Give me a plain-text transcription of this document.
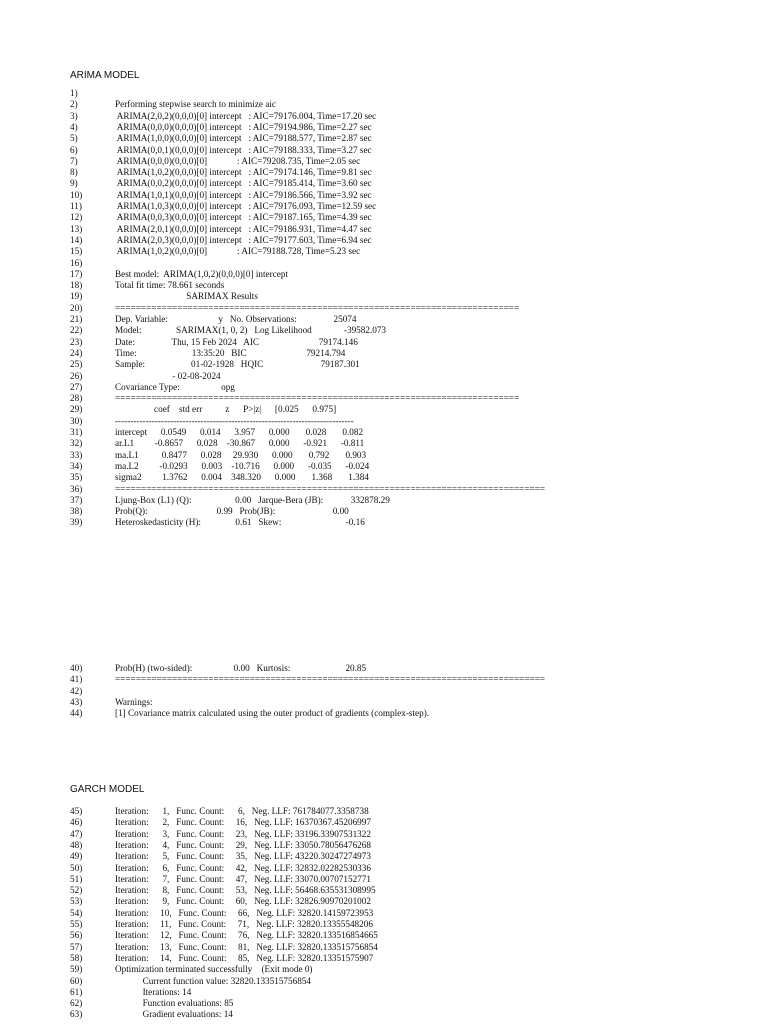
ARIMA MODEL
1)
2)	Performing stepwise search to minimize aic
3)	ARIMA(2,0,2)(0,0,0)[0] intercept   : AIC=79176.004, Time=17.20 sec
4)	ARIMA(0,0,0)(0,0,0)[0] intercept   : AIC=79194.986, Time=2.27 sec
5)	ARIMA(1,0,0)(0,0,0)[0] intercept   : AIC=79188.577, Time=2.87 sec
6)	ARIMA(0,0,1)(0,0,0)[0] intercept   : AIC=79188.333, Time=3.27 sec
7)	ARIMA(0,0,0)(0,0,0)[0]             : AIC=79208.735, Time=2.05 sec
8)	ARIMA(1,0,2)(0,0,0)[0] intercept   : AIC=79174.146, Time=9.81 sec
9)	ARIMA(0,0,2)(0,0,0)[0] intercept   : AIC=79185.414, Time=3.60 sec
10)	ARIMA(1,0,1)(0,0,0)[0] intercept   : AIC=79186.566, Time=3.92 sec
11)	ARIMA(1,0,3)(0,0,0)[0] intercept   : AIC=79176.093, Time=12.59 sec
12)	ARIMA(0,0,3)(0,0,0)[0] intercept   : AIC=79187.165, Time=4.39 sec
13)	ARIMA(2,0,1)(0,0,0)[0] intercept   : AIC=79186.931, Time=4.47 sec
14)	ARIMA(2,0,3)(0,0,0)[0] intercept   : AIC=79177.603, Time=6.94 sec
15)	ARIMA(1,0,2)(0,0,0)[0]             : AIC=79188.728, Time=5.23 sec
16)
17)	Best model:  ARIMA(1,0,2)(0,0,0)[0] intercept
18)	Total fit time: 78.661 seconds
19)	SARIMAX Results
20)	==============================================================================
21)	Dep. Variable:                      y   No. Observations:                25074
22)	Model:               SARIMAX(1, 0, 2)   Log Likelihood              -39582.073
23)	Date:                Thu, 15 Feb 2024   AIC                          79174.146
24)	Time:                        13:35:20   BIC                          79214.794
25)	Sample:                    01-02-1928   HQIC                         79187.301
26)	- 02-08-2024
27)	Covariance Type:                  opg
28)	==============================================================================
29)	coef    std err          z      P>|z|      [0.025      0.975]
30)	------------------------------------------------------------------------------
31)	intercept      0.0549      0.014      3.957      0.000       0.028       0.082
32)	ar.L1         -0.8657      0.028    -30.867      0.000      -0.921      -0.811
33)	ma.L1          0.8477      0.028     29.930      0.000       0.792       0.903
34)	ma.L2         -0.0293      0.003    -10.716      0.000      -0.035      -0.024
35)	sigma2         1.3762      0.004    348.320      0.000       1.368       1.384
36)	===================================================================================
37)	Ljung-Box (L1) (Q):                   0.00   Jarque-Bera (JB):            332878.29
38)	Prob(Q):                              0.99   Prob(JB):                         0.00
39)	Heteroskedasticity (H):               0.61   Skew:                            -0.16
40)	Prob(H) (two-sided):                  0.00   Kurtosis:                        20.85
41)	===================================================================================
42)
43)	Warnings:
44)	[1] Covariance matrix calculated using the outer product of gradients (complex-step).
GARCH MODEL
45)	Iteration:      1,   Func. Count:      6,   Neg. LLF: 761784077.3358738
46)	Iteration:      2,   Func. Count:     16,   Neg. LLF: 16370367.45206997
47)	Iteration:      3,   Func. Count:     23,   Neg. LLF: 33196.33907531322
48)	Iteration:      4,   Func. Count:     29,   Neg. LLF: 33050.78056476268
49)	Iteration:      5,   Func. Count:     35,   Neg. LLF: 43220.30247274973
50)	Iteration:      6,   Func. Count:     42,   Neg. LLF: 32832.02282530336
51)	Iteration:      7,   Func. Count:     47,   Neg. LLF: 33070.00707152771
52)	Iteration:      8,   Func. Count:     53,   Neg. LLF: 56468.635531308995
53)	Iteration:      9,   Func. Count:     60,   Neg. LLF: 32826.90970201002
54)	Iteration:     10,   Func. Count:     66,   Neg. LLF: 32820.14159723953
55)	Iteration:     11,   Func. Count:     71,   Neg. LLF: 32820.13355548206
56)	Iteration:     12,   Func. Count:     76,   Neg. LLF: 32820.133516854665
57)	Iteration:     13,   Func. Count:     81,   Neg. LLF: 32820.133515756854
58)	Iteration:     14,   Func. Count:     85,   Neg. LLF: 32820.13351575907
59)	Optimization terminated successfully    (Exit mode 0)
60)	Current function value: 32820.133515756854
61)	Iterations: 14
62)	Function evaluations: 85
63)	Gradient evaluations: 14
